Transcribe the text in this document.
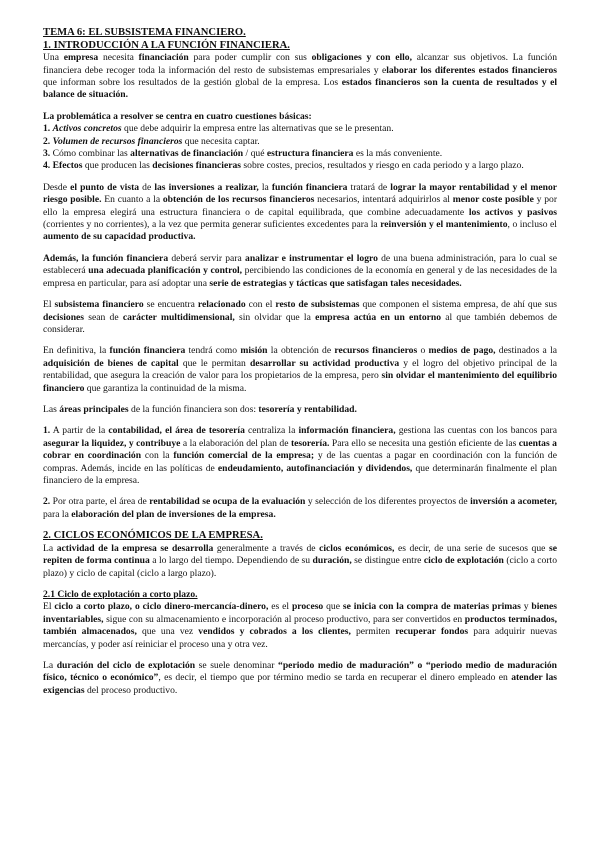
TEMA 6: EL SUBSISTEMA FINANCIERO.

1. INTRODUCCIÓN A LA FUNCIÓN FINANCIERA.

Una empresa necesita financiación para poder cumplir con sus obligaciones y con ello, alcanzar sus objetivos. La función financiera debe recoger toda la información del resto de subsistemas empresariales y elaborar los diferentes estados financieros que informan sobre los resultados de la gestión global de la empresa. Los estados financieros son la cuenta de resultados y el balance de situación.

La problemática a resolver se centra en cuatro cuestiones básicas:

1. Activos concretos que debe adquirir la empresa entre las alternativas que se le presentan.

2. Volumen de recursos financieros que necesita captar.

3. Cómo combinar las alternativas de financiación / qué estructura financiera es la más conveniente.

4. Efectos que producen las decisiones financieras sobre costes, precios, resultados y riesgo en cada periodo y a largo plazo.

Desde el punto de vista de las inversiones a realizar, la función financiera tratará de lograr la mayor rentabilidad y el menor riesgo posible. En cuanto a la obtención de los recursos financieros necesarios, intentará adquirirlos al menor coste posible y por ello la empresa elegirá una estructura financiera o de capital equilibrada, que combine adecuadamente los activos y pasivos (corrientes y no corrientes), a la vez que permita generar suficientes excedentes para la reinversión y el mantenimiento, o incluso el aumento de su capacidad productiva.

Además, la función financiera deberá servir para analizar e instrumentar el logro de una buena administración, para lo cual se establecerá una adecuada planificación y control, percibiendo las condiciones de la economía en general y de las necesidades de la empresa en particular, para así adoptar una serie de estrategias y tácticas que satisfagan tales necesidades.

El subsistema financiero se encuentra relacionado con el resto de subsistemas que componen el sistema empresa, de ahí que sus decisiones sean de carácter multidimensional, sin olvidar que la empresa actúa en un entorno al que también debemos de considerar.

En definitiva, la función financiera tendrá como misión la obtención de recursos financieros o medios de pago, destinados a la adquisición de bienes de capital que le permitan desarrollar su actividad productiva y el logro del objetivo principal de la rentabilidad, que asegura la creación de valor para los propietarios de la empresa, pero sin olvidar el mantenimiento del equilibrio financiero que garantiza la continuidad de la misma.

Las áreas principales de la función financiera son dos: tesorería y rentabilidad.

1. A partir de la contabilidad, el área de tesorería centraliza la información financiera, gestiona las cuentas con los bancos para asegurar la liquidez, y contribuye a la elaboración del plan de tesorería. Para ello se necesita una gestión eficiente de las cuentas a cobrar en coordinación con la función comercial de la empresa; y de las cuentas a pagar en coordinación con la función de compras. Además, incide en las políticas de endeudamiento, autofinanciación y dividendos, que determinarán finalmente el plan financiero de la empresa.

2. Por otra parte, el área de rentabilidad se ocupa de la evaluación y selección de los diferentes proyectos de inversión a acometer, para la elaboración del plan de inversiones de la empresa.

2. CICLOS ECONÓMICOS DE LA EMPRESA.

La actividad de la empresa se desarrolla generalmente a través de ciclos económicos, es decir, de una serie de sucesos que se repiten de forma continua a lo largo del tiempo. Dependiendo de su duración, se distingue entre ciclo de explotación (ciclo a corto plazo) y ciclo de capital (ciclo a largo plazo).

2.1 Ciclo de explotación a corto plazo.

El ciclo a corto plazo, o ciclo dinero-mercancía-dinero, es el proceso que se inicia con la compra de materias primas y bienes inventariables, sigue con su almacenamiento e incorporación al proceso productivo, para ser convertidos en productos terminados, también almacenados, que una vez vendidos y cobrados a los clientes, permiten recuperar fondos para adquirir nuevas mercancías, y poder así reiniciar el proceso una y otra vez.

La duración del ciclo de explotación se suele denominar “periodo medio de maduración” o “periodo medio de maduración físico, técnico o económico”, es decir, el tiempo que por término medio se tarda en recuperar el dinero empleado en atender las exigencias del proceso productivo.
